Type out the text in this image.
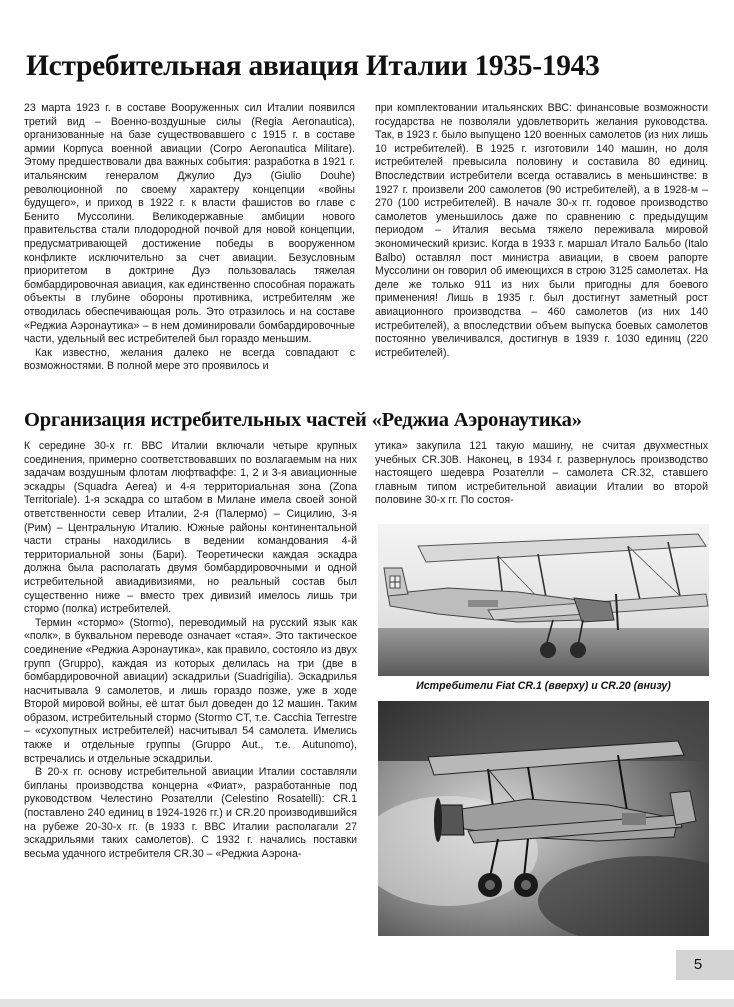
Истребительная авиация Италии 1935-1943

23 марта 1923 г. в составе Вооруженных сил Италии появился третий вид – Военно-воздушные силы (Regia Aeronautica), организованные на базе существовавшего с 1915 г. в составе армии Корпуса военной авиации (Corpo Aeronautica Militare). Этому предшествовали два важных события: разработка в 1921 г. итальянским генералом Джулио Дуэ (Giulio Douhe) революционной по своему характеру концепции «войны будущего», и приход в 1922 г. к власти фашистов во главе с Бенито Муссолини. Великодержавные амбиции нового правительства стали плодородной почвой для новой концепции, предусматривающей достижение победы в вооруженном конфликте исключительно за счет авиации. Безусловным приоритетом в доктрине Дуэ пользовалась тяжелая бомбардировочная авиация, как единственно способная поражать объекты в глубине обороны противника, истребителям же отводилась обеспечивающая роль. Это отразилось и на составе «Реджиа Аэронаутика» – в нем доминировали бомбардировочные части, удельный вес истребителей был гораздо меньшим.

Как известно, желания далеко не всегда совпадают с возможностями. В полной мере это проявилось и

при комплектовании итальянских ВВС: финансовые возможности государства не позволяли удовлетворить желания руководства. Так, в 1923 г. было выпущено 120 военных самолетов (из них лишь 10 истребителей). В 1925 г. изготовили 140 машин, но доля истребителей превысила половину и составила 80 единиц. Впоследствии истребители всегда оставались в меньшинстве: в 1927 г. произвели 200 самолетов (90 истребителей), а в 1928-м – 270 (100 истребителей). В начале 30-х гг. годовое производство самолетов уменьшилось даже по сравнению с предыдущим периодом – Италия весьма тяжело переживала мировой экономический кризис. Когда в 1933 г. маршал Итало Бальбо (Italo Balbo) оставлял пост министра авиации, в своем рапорте Муссолини он говорил об имеющихся в строю 3125 самолетах. На деле же только 911 из них были пригодны для боевого применения! Лишь в 1935 г. был достигнут заметный рост авиационного производства – 460 самолетов (из них 140 истребителей), а впоследствии объем выпуска боевых самолетов постоянно увеличивался, достигнув в 1939 г. 1030 единиц (220 истребителей).

Организация истребительных частей «Реджиа Аэронаутика»

К середине 30-х гг. ВВС Италии включали четыре крупных соединения, примерно соответствовавших по возлагаемым на них задачам воздушным флотам люфтваффе: 1, 2 и 3-я авиационные эскадры (Squadra Aerea) и 4-я территориальная зона (Zona Territoriale). 1-я эскадра со штабом в Милане имела своей зоной ответственности север Италии, 2-я (Палермо) – Сицилию, 3-я (Рим) – Центральную Италию. Южные районы континентальной части страны находились в ведении командования 4-й территориальной зоны (Бари). Теоретически каждая эскадра должна была располагать двумя бомбардировочными и одной истребительной авиадивизиями, но реальный состав был существенно ниже – вместо трех дивизий имелось лишь три стормо (полка) истребителей.

Термин «стормо» (Stormo), переводимый на русский язык как «полк», в буквальном переводе означает «стая». Это тактическое соединение «Реджиа Аэронаутика», как правило, состояло из двух групп (Gruppo), каждая из которых делилась на три (две в бомбардировочной авиации) эскадрильи (Suadrigilia). Эскадрилья насчитывала 9 самолетов, и лишь гораздо позже, уже в ходе Второй мировой войны, её штат был доведен до 12 машин. Таким образом, истребительный стормо (Stormo CT, т.е. Cacchia Terrestre – «сухопутных истребителей) насчитывал 54 самолета. Имелись также и отдельные группы (Gruppo Aut., т.е. Autunomo), встречались и отдельные эскадрильи.

В 20-х гг. основу истребительной авиации Италии составляли бипланы производства концерна «Фиат», разработанные под руководством Челестино Розателли (Celestino Rosatelli): CR.1 (поставлено 240 единиц в 1924-1926 гг.) и CR.20 производившийся на рубеже 20-30-х гг. (в 1933 г. ВВС Италии располагали 27 эскадрильями таких самолетов). С 1932 г. начались поставки весьма удачного истребителя CR.30 – «Реджиа Аэрона-

утика» закупила 121 такую машину, не считая двухместных учебных CR.30B. Наконец, в 1934 г. развернулось производство настоящего шедевра Розателли – самолета CR.32, ставшего главным типом истребительной авиации Италии во второй половине 30-х гг. По состоя-

Истребители Fiat CR.1 (вверху) и CR.20 (внизу)
5
